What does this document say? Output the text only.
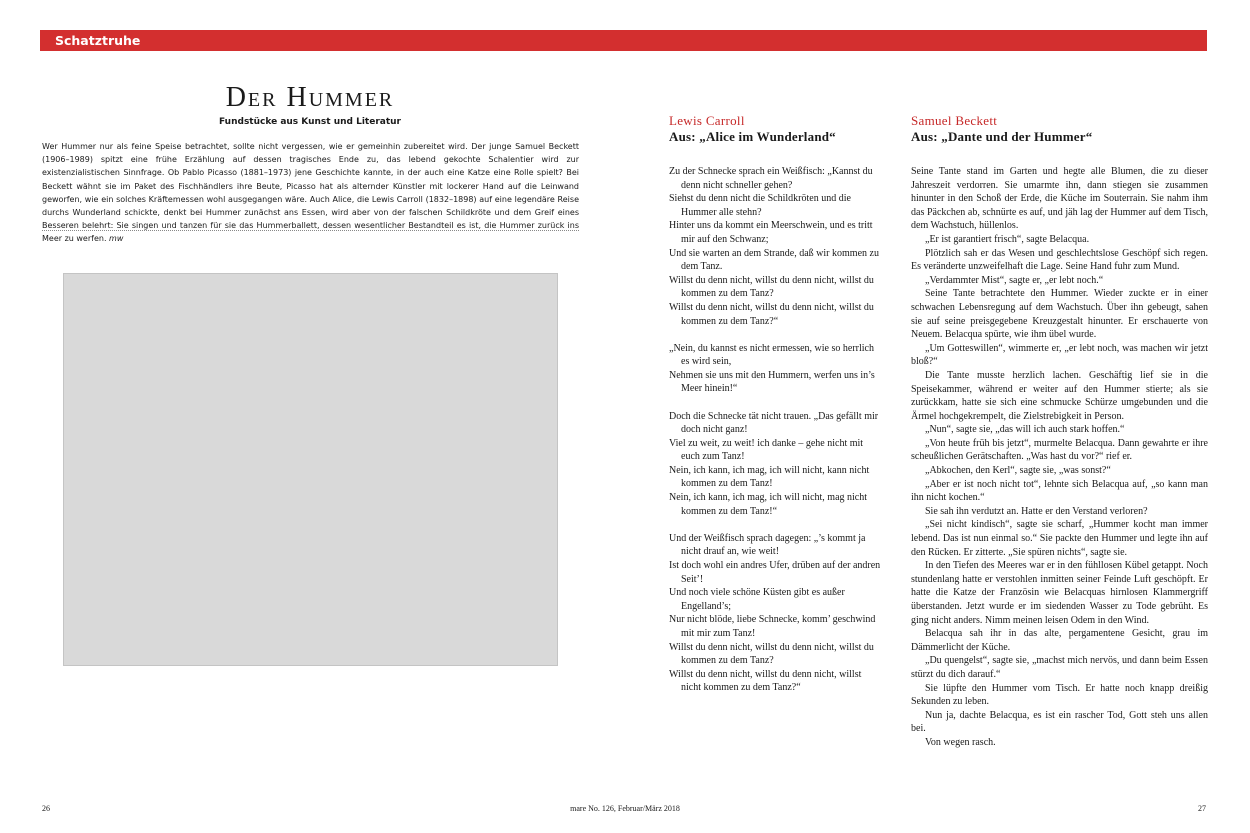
Schatztruhe
Der Hummer
Fundstücke aus Kunst und Literatur

Wer Hummer nur als feine Speise betrachtet, sollte nicht vergessen, wie er gemeinhin zubereitet wird. Der junge Samuel Beckett (1906–1989) spitzt eine frühe Erzählung auf dessen tragisches Ende zu, das lebend gekochte Schalentier wird zur existenzialistischen Sinnfrage. Ob Pablo Picasso (1881–1973) jene Geschichte kannte, in der auch eine Katze eine Rolle spielt? Bei Beckett wähnt sie im Paket des Fischhändlers ihre Beute, Picasso hat als alternder Künstler mit lockerer Hand auf die Leinwand geworfen, wie ein solches Kräftemessen wohl ausgegangen wäre. Auch Alice, die Lewis Carroll (1832–1898) auf eine legendäre Reise durchs Wunderland schickte, denkt bei Hummer zunächst ans Essen, wird aber von der falschen Schildkröte und dem Greif eines Besseren belehrt: Sie singen und tanzen für sie das Hummerballett, dessen wesentlicher Bestandteil es ist, die Hummer zurück ins Meer zu werfen. mw

Lewis Carroll
Aus: „Alice im Wunderland“
Zu der Schnecke sprach ein Weißfisch: „Kannst du denn nicht schneller gehen?
Siehst du denn nicht die Schildkröten und die Hummer alle stehn?
Hinter uns da kommt ein Meerschwein, und es tritt mir auf den Schwanz;
Und sie warten an dem Strande, daß wir kommen zu dem Tanz.
Willst du denn nicht, willst du denn nicht, willst du kommen zu dem Tanz?
Willst du denn nicht, willst du denn nicht, willst du kommen zu dem Tanz?“
„Nein, du kannst es nicht ermessen, wie so herrlich es wird sein,
Nehmen sie uns mit den Hummern, werfen uns in’s Meer hinein!“
Doch die Schnecke tät nicht trauen. „Das gefällt mir doch nicht ganz!
Viel zu weit, zu weit! ich danke – gehe nicht mit euch zum Tanz!
Nein, ich kann, ich mag, ich will nicht, kann nicht kommen zu dem Tanz!
Nein, ich kann, ich mag, ich will nicht, mag nicht kommen zu dem Tanz!“
Und der Weißfisch sprach dagegen: „’s kommt ja nicht drauf an, wie weit!
Ist doch wohl ein andres Ufer, drüben auf der andren Seit’!
Und noch viele schöne Küsten gibt es außer Engelland’s;
Nur nicht blöde, liebe Schnecke, komm’ geschwind mit mir zum Tanz!
Willst du denn nicht, willst du denn nicht, willst du kommen zu dem Tanz?
Willst du denn nicht, willst du denn nicht, willst nicht kommen zu dem Tanz?“
Samuel Beckett
Aus: „Dante und der Hummer“

Seine Tante stand im Garten und hegte alle Blumen, die zu dieser Jahreszeit verdorren. Sie umarmte ihn, dann stiegen sie zusammen hinunter in den Schoß der Erde, die Küche im Souterrain. Sie nahm ihm das Päckchen ab, schnürte es auf, und jäh lag der Hummer auf dem Tisch, dem Wachstuch, hüllenlos.

„Er ist garantiert frisch“, sagte Belacqua.

Plötzlich sah er das Wesen und geschlechtslose Geschöpf sich regen. Es veränderte unzweifelhaft die Lage. Seine Hand fuhr zum Mund.

„Verdammter Mist“, sagte er, „er lebt noch.“

Seine Tante betrachtete den Hummer. Wieder zuckte er in einer schwachen Lebensregung auf dem Wachstuch. Über ihn gebeugt, sahen sie auf seine preisgegebene Kreuzgestalt hinunter. Er erschauerte von Neuem. Belacqua spürte, wie ihm übel wurde.

„Um Gotteswillen“, wimmerte er, „er lebt noch, was machen wir jetzt bloß?“

Die Tante musste herzlich lachen. Geschäftig lief sie in die Speisekammer, während er weiter auf den Hummer stierte; als sie zurückkam, hatte sie sich eine schmucke Schürze umgebunden und die Ärmel hochgekrempelt, die Zielstrebigkeit in Person.

„Nun“, sagte sie, „das will ich auch stark hoffen.“

„Von heute früh bis jetzt“, murmelte Belacqua. Dann gewahrte er ihre scheußlichen Gerätschaften. „Was hast du vor?“ rief er.

„Abkochen, den Kerl“, sagte sie, „was sonst?“

„Aber er ist noch nicht tot“, lehnte sich Belacqua auf, „so kann man ihn nicht kochen.“

Sie sah ihn verdutzt an. Hatte er den Verstand verloren?

„Sei nicht kindisch“, sagte sie scharf, „Hummer kocht man immer lebend. Das ist nun einmal so.“ Sie packte den Hummer und legte ihn auf den Rücken. Er zitterte. „Sie spüren nichts“, sagte sie.

In den Tiefen des Meeres war er in den fühllosen Kübel getappt. Noch stundenlang hatte er verstohlen inmitten seiner Feinde Luft geschöpft. Er hatte die Katze der Französin wie Belacquas hirnlosen Klammergriff überstanden. Jetzt wurde er im siedenden Wasser zu Tode gebrüht. Es ging nicht anders. Nimm meinen leisen Odem in den Wind.

Belacqua sah ihr in das alte, pergamentene Gesicht, grau im Dämmerlicht der Küche.

„Du quengelst“, sagte sie, „machst mich nervös, und dann beim Essen stürzt du dich darauf.“

Sie lüpfte den Hummer vom Tisch. Er hatte noch knapp dreißig Sekunden zu leben.

Nun ja, dachte Belacqua, es ist ein rascher Tod, Gott steh uns allen bei.

Von wegen rasch.

26	mare No. 126, Februar/März 2018	27
